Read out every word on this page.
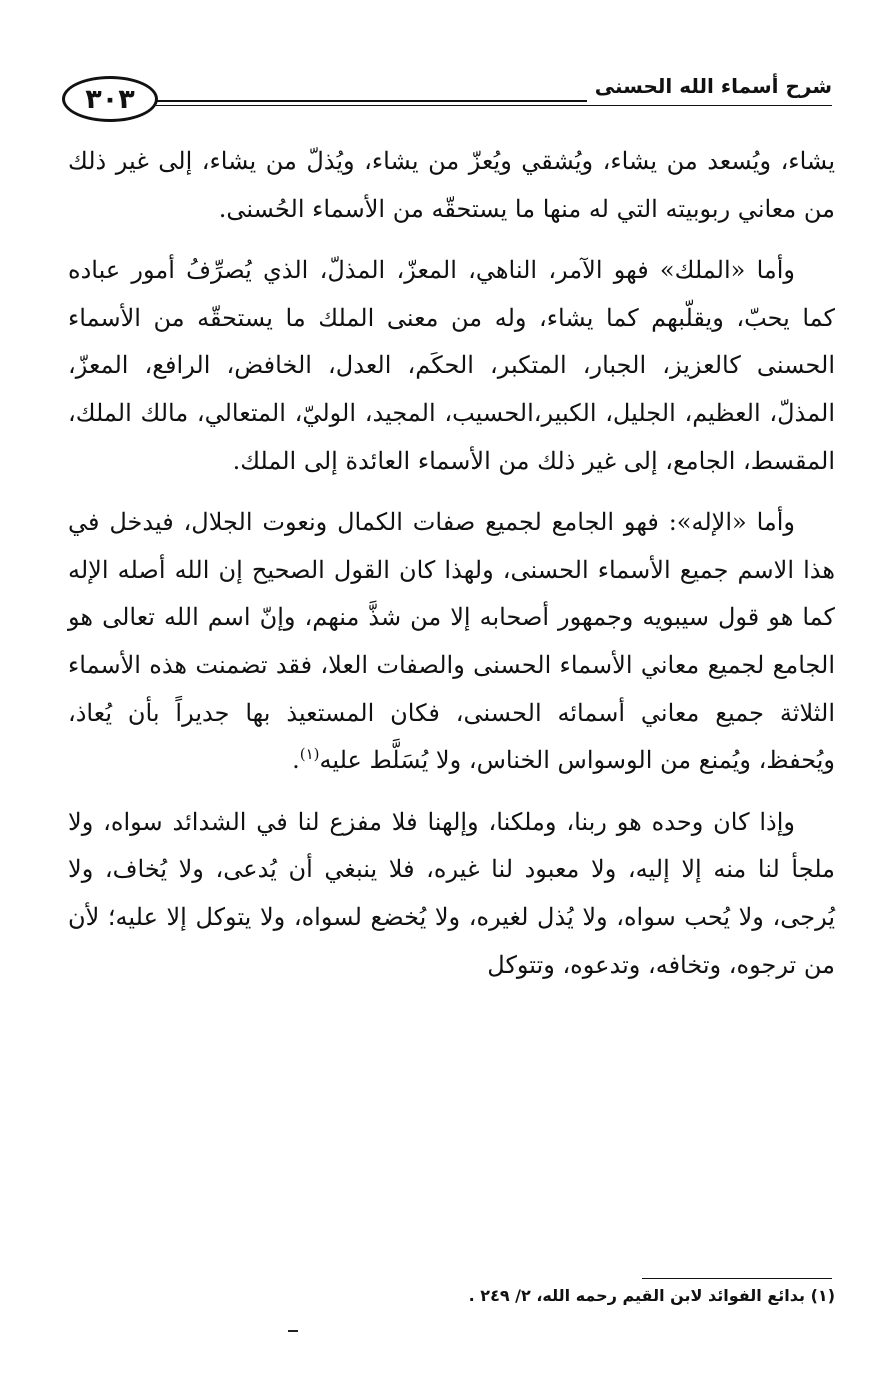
٣٠٣	شرح أسماء الله الحسنى

يشاء، ويُسعد من يشاء، ويُشقي ويُعزّ من يشاء، ويُذلّ من يشاء، إلى غير ذلك من معاني ربوبيته التي له منها ما يستحقّه من الأسماء الحُسنى.

وأما «الملك» فهو الآمر، الناهي، المعزّ، المذلّ، الذي يُصرِّفُ أمور عباده كما يحبّ، ويقلّبهم كما يشاء، وله من معنى الملك ما يستحقّه من الأسماء الحسنى كالعزيز، الجبار، المتكبر، الحكَم، العدل، الخافض، الرافع، المعزّ، المذلّ، العظيم، الجليل، الكبير،الحسيب، المجيد، الوليّ، المتعالي، مالك الملك، المقسط، الجامع، إلى غير ذلك من الأسماء العائدة إلى الملك.

وأما «الإله»: فهو الجامع لجميع صفات الكمال ونعوت الجلال، فيدخل في هذا الاسم جميع الأسماء الحسنى، ولهذا كان القول الصحيح إن الله أصله الإله كما هو قول سيبويه وجمهور أصحابه إلا من شذَّ منهم، وإنّ اسم الله تعالى هو الجامع لجميع معاني الأسماء الحسنى والصفات العلا، فقد تضمنت هذه الأسماء الثلاثة جميع معاني أسمائه الحسنى، فكان المستعيذ بها جديراً بأن يُعاذ، ويُحفظ، ويُمنع من الوسواس الخناس، ولا يُسَلَّط عليه$^{(١)}$.

وإذا كان وحده هو ربنا، وملكنا، وإلهنا فلا مفزع لنا في الشدائد سواه، ولا ملجأ لنا منه إلا إليه، ولا معبود لنا غيره، فلا ينبغي أن يُدعى، ولا يُخاف، ولا يُرجى، ولا يُحب سواه، ولا يُذل لغيره، ولا يُخضع لسواه، ولا يتوكل إلا عليه؛ لأن من ترجوه، وتخافه، وتدعوه، وتتوكل

(١) بدائع الفوائد لابن القيم رحمه الله، ٢/ ٢٤٩ .
